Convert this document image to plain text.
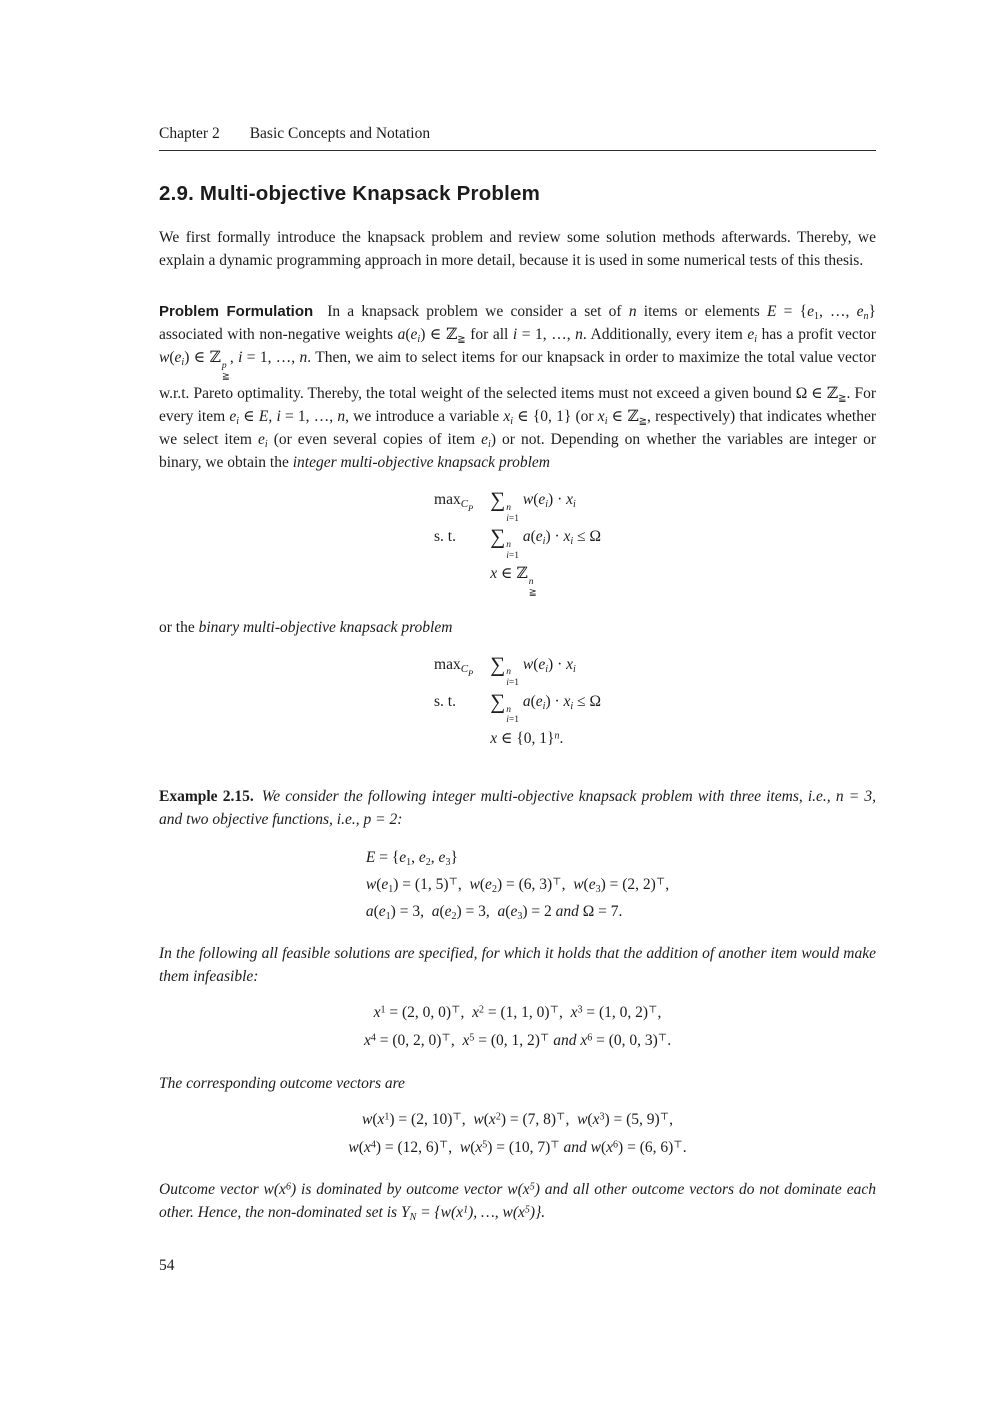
Chapter 2 Basic Concepts and Notation
2.9. Multi-objective Knapsack Problem

We first formally introduce the knapsack problem and review some solution methods afterwards. Thereby, we explain a dynamic programming approach in more detail, because it is used in some numerical tests of this thesis.

Problem Formulation In a knapsack problem we consider a set of n items or elements $E = \{e_1$, …, $e_n$} associated with non-negative weights $a(e_i)$ ∈ ℤ$_≧$ for all i = 1, …, n. Additionally, every item $e_i$ has a profit vector $w(e_i)$ ∈ ℤ p
≧
, i = 1, …, n. Then, we aim to select items for our knapsack in order to maximize the total value vector w.r.t. Pareto optimality. Thereby, the total weight of the selected items must not exceed a given bound Ω ∈ ℤ$_≧$. For every item $e_i$ ∈ E, i = 1, …, n, we introduce a variable $x_i$ ∈ {0, 1} (or $x_i$ ∈ ℤ$_≧$, respectively) that indicates whether we select item $e_i$ (or even several copies of item $e_i$) or not. Depending on whether the variables are integer or binary, we obtain the integer multi-objective knapsack problem

$\max_{C_P}$ ∑ n
i=1
$w(e_i) \cdot x_i$
s. t.	∑ n
i=1
$a(e_i) \cdot x_i \le \Omega$
x ∈ ℤ n
≧

or the binary multi-objective knapsack problem

$\max_{C_P}$ ∑ n
i=1
$w(e_i) \cdot x_i$
s. t.	∑ n
i=1
$a(e_i) \cdot x_i \le \Omega$
x ∈ {0, 1}$^n$.

Example 2.15. We consider the following integer multi-objective knapsack problem with three items, i.e., n = 3, and two objective functions, i.e., p = 2:

$E = \{e_1$, $e_2$, $e_3$}
$w(e_1) = (1$, 5)⊤,  $w(e_2) = (6$, 3)⊤,  $w(e_3) = (2$, 2)⊤,
$a(e_1) = 3$,  $a(e_2) = 3$,  $a(e_3) = 2$ and Ω = 7.

In the following all feasible solutions are specified, for which it holds that the addition of another item would make them infeasible:

$x^1 = (2$, 0, 0)⊤,  $x^2 = (1$, 1, 0)⊤,  $x^3 = (1$, 0, 2)⊤,
$x^4 = (0$, 2, 0)⊤,  $x^5 = (0$, 1, 2)⊤ and $x^6 = (0$, 0, 3)⊤.

The corresponding outcome vectors are

$w(x^1) = (2$, 10)⊤,  $w(x^2) = (7$, 8)⊤,  $w(x^3) = (5$, 9)⊤,
$w(x^4) = (12$, 6)⊤,  $w(x^5) = (10$, 7)⊤ and $w(x^6) = (6$, 6)⊤.

Outcome vector $w(x^6)$ is dominated by outcome vector $w(x^5)$ and all other outcome vectors do not dominate each other. Hence, the non-dominated set is $Y_N = \{w(x^1)$, …, $w(x^5)$}.

54
